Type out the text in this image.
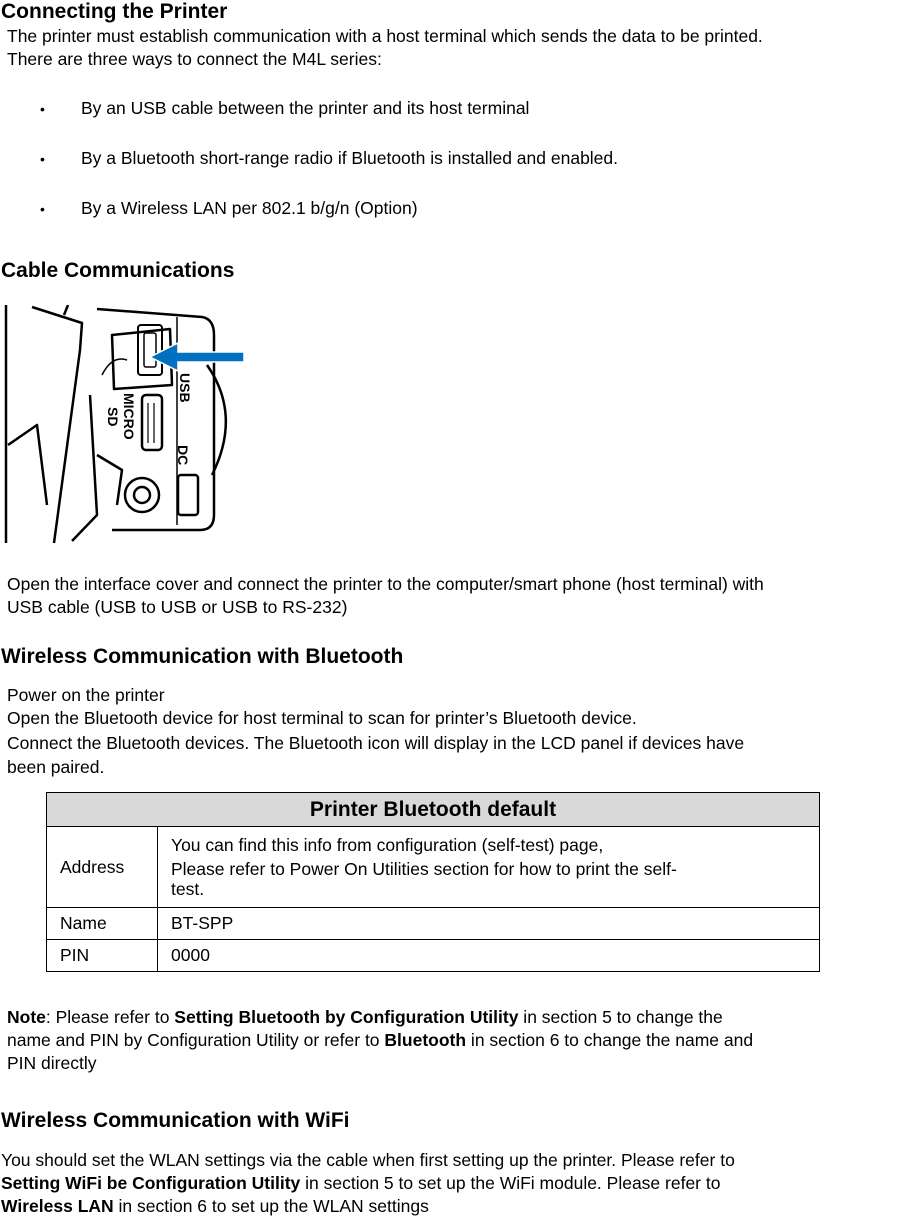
Connecting the Printer
The printer must establish communication with a host terminal which sends the data to be printed.
There are three ways to connect the M4L series:
• By an USB cable between the printer and its host terminal
• By a Bluetooth short-range radio if Bluetooth is installed and enabled.
• By a Wireless LAN per 802.1 b/g/n (Option)
Cable Communications
USB
MICRO
SD
DC
Open the interface cover and connect the printer to the computer/smart phone (host terminal) with
USB cable (USB to USB or USB to RS-232)
Wireless Communication with Bluetooth
Power on the printer
Open the Bluetooth device for host terminal to scan for printer’s Bluetooth device.
Connect the Bluetooth devices. The Bluetooth icon will display in the LCD panel if devices have
been paired.
Printer Bluetooth default	
Address	You can find this info from configuration (self-test) page,
Please refer to Power On Utilities section for how to print the self-
test.

Name	BT-SPP
PIN	0000
Note: Please refer to Setting Bluetooth by Configuration Utility in section 5 to change the
name and PIN by Configuration Utility or refer to Bluetooth in section 6 to change the name and
PIN directly
Wireless Communication with WiFi
You should set the WLAN settings via the cable when first setting up the printer. Please refer to
Setting WiFi be Configuration Utility in section 5 to set up the WiFi module. Please refer to
Wireless LAN in section 6 to set up the WLAN settings
